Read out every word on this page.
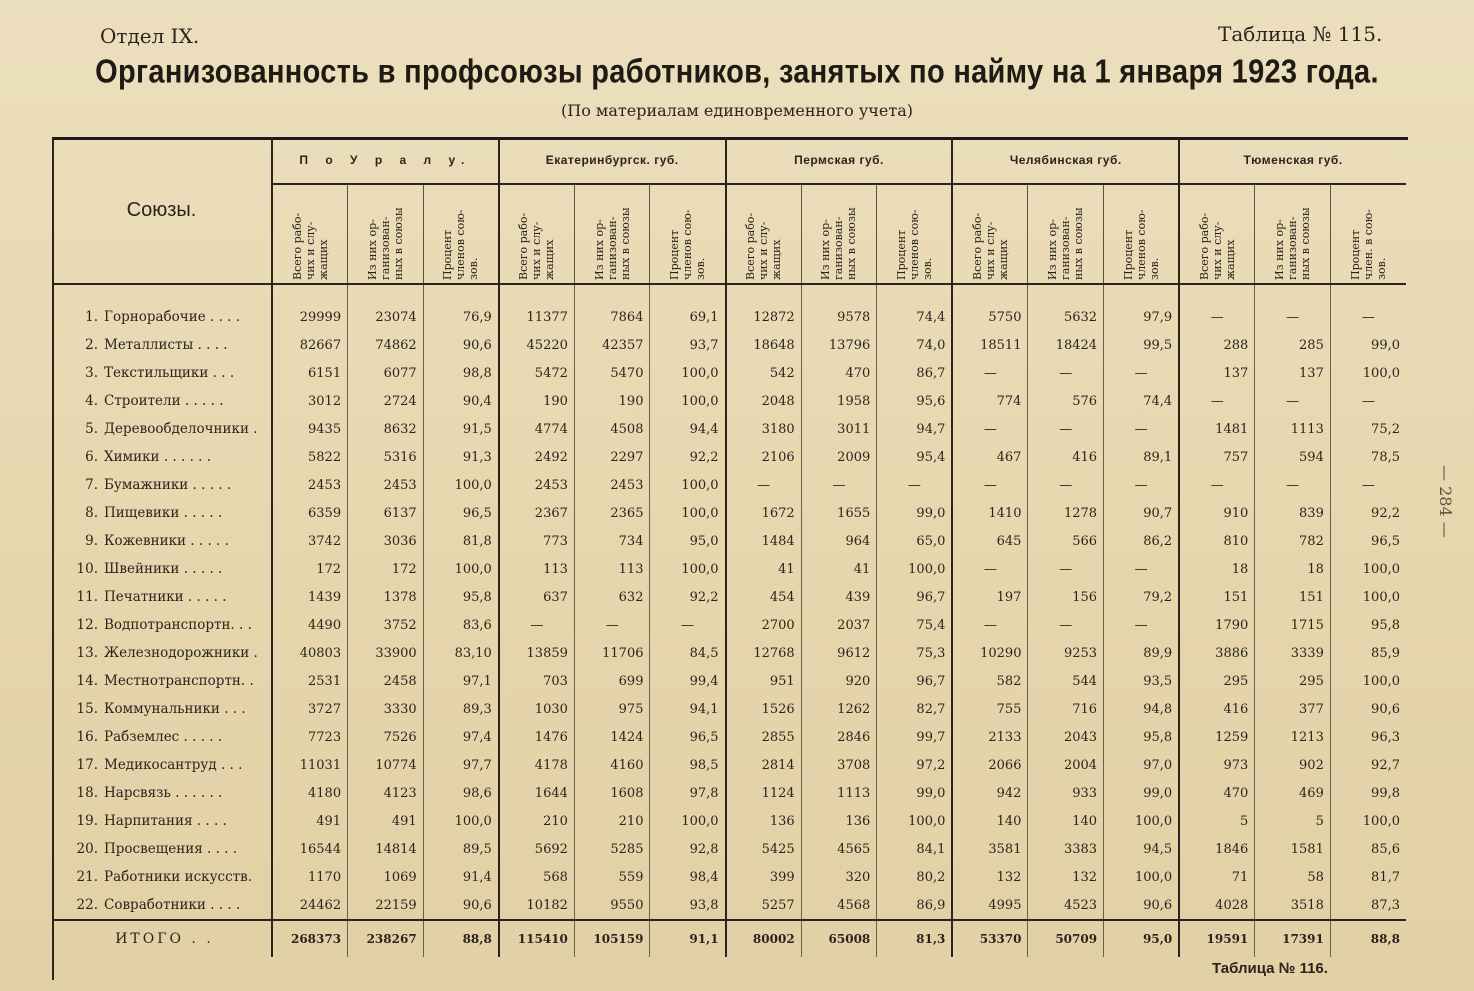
Отдел IX.	Таблица № 115.
Организованность в профсоюзы работников, занятых по найму на 1 января 1923 года.
(По материалам единовременного учета)
— 284 —
Таблица № 116.
Союзы.	П о У р а л у.			Екатеринбургск. губ.			Пермская губ.			Челябинская губ.			Тюменская губ.		

	Всего рабо-
чих и слу-
жащих	Из них ор-
ганизован-
ных в союзы	Процент
членов сою-
зов.	Всего рабо-
чих и слу-
жащих	Из них ор-
ганизован-
ных в союзы	Процент
членов сою-
зов.	Всего рабо-
чих и слу-
жащих	Из них ор-
ганизован-
ных в союзы	Процент
членов сою-
зов.	Всего рабо-
чих и слу-
жащих	Из них ор-
ганизован-
ных в союзы	Процент
членов сою-
зов.	Всего рабо-
чих и слу-
жащих	Из них ор-
ганизован-
ных в союзы	Процент
член. в сою-
зов.

1. Горнорабочие . . . .	29999	23074	76,9	11377	7864	69,1	12872	9578	74,4	5750	5632	97,9	—	—	—
2. Металлисты . . . .	82667	74862	90,6	45220	42357	93,7	18648	13796	74,0	18511	18424	99,5	288	285	99,0
3. Текстильщики . . .	6151	6077	98,8	5472	5470	100,0	542	470	86,7	—	—	—	137	137	100,0
4. Строители . . . . .	3012	2724	90,4	190	190	100,0	2048	1958	95,6	774	576	74,4	—	—	—
5. Деревообделочники .	9435	8632	91,5	4774	4508	94,4	3180	3011	94,7	—	—	—	1481	1113	75,2
6. Химики . . . . . .	5822	5316	91,3	2492	2297	92,2	2106	2009	95,4	467	416	89,1	757	594	78,5
7. Бумажники . . . . .	2453	2453	100,0	2453	2453	100,0	—	—	—	—	—	—	—	—	—
8. Пищевики . . . . .	6359	6137	96,5	2367	2365	100,0	1672	1655	99,0	1410	1278	90,7	910	839	92,2
9. Кожевники . . . . .	3742	3036	81,8	773	734	95,0	1484	964	65,0	645	566	86,2	810	782	96,5
10. Швейники . . . . .	172	172	100,0	113	113	100,0	41	41	100,0	—	—	—	18	18	100,0
11. Печатники . . . . .	1439	1378	95,8	637	632	92,2	454	439	96,7	197	156	79,2	151	151	100,0
12. Водпотранспортн. . .	4490	3752	83,6	—	—	—	2700	2037	75,4	—	—	—	1790	1715	95,8
13. Железнодорожники .	40803	33900	83,10	13859	11706	84,5	12768	9612	75,3	10290	9253	89,9	3886	3339	85,9
14. Местнотранспортн. .	2531	2458	97,1	703	699	99,4	951	920	96,7	582	544	93,5	295	295	100,0
15. Коммунальники . . .	3727	3330	89,3	1030	975	94,1	1526	1262	82,7	755	716	94,8	416	377	90,6
16. Рабземлес . . . . .	7723	7526	97,4	1476	1424	96,5	2855	2846	99,7	2133	2043	95,8	1259	1213	96,3
17. Медикосантруд . . .	11031	10774	97,7	4178	4160	98,5	2814	3708	97,2	2066	2004	97,0	973	902	92,7
18. Нарсвязь . . . . . .	4180	4123	98,6	1644	1608	97,8	1124	1113	99,0	942	933	99,0	470	469	99,8
19. Нарпитания . . . .	491	491	100,0	210	210	100,0	136	136	100,0	140	140	100,0	5	5	100,0
20. Просвещения . . . .	16544	14814	89,5	5692	5285	92,8	5425	4565	84,1	3581	3383	94,5	1846	1581	85,6
21. Работники искусств.	1170	1069	91,4	568	559	98,4	399	320	80,2	132	132	100,0	71	58	81,7
22. Совработники . . . .	24462	22159	90,6	10182	9550	93,8	5257	4568	86,9	4995	4523	90,6	4028	3518	87,3
ИТОГО . .	268373	238267	88,8	115410	105159	91,1	80002	65008	81,3	53370	50709	95,0	19591	17391	88,8
